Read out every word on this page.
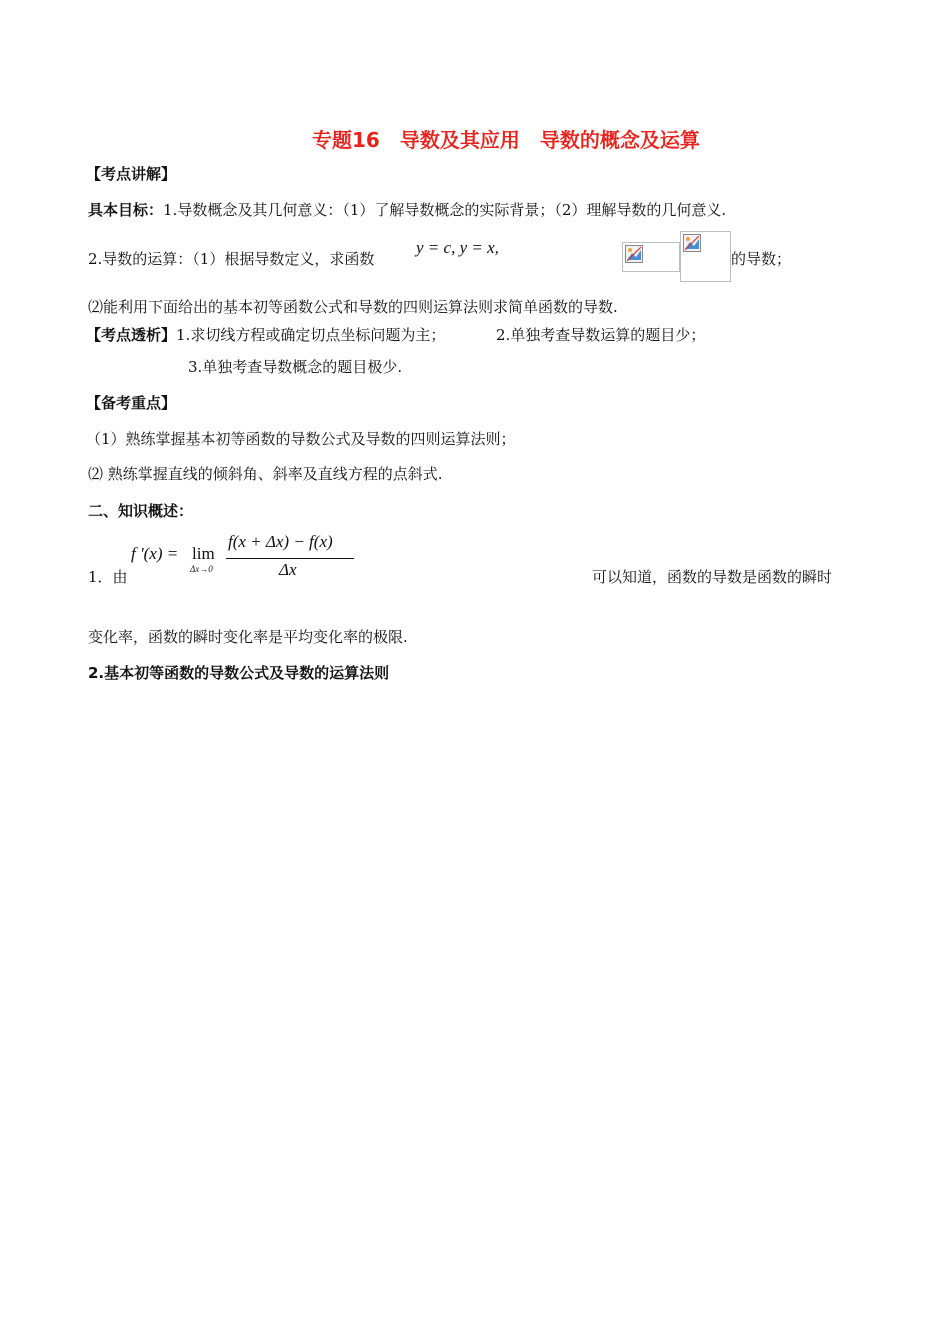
专题16　导数及其应用　导数的概念及运算
【考点讲解】
具本目标：1.导数概念及其几何意义：（1）了解导数概念的实际背景；（2）理解导数的几何意义.
2.导数的运算：（1）根据导数定义，求函数
y = c, y = x,
的导数；
⑵能利用下面给出的基本初等函数公式和导数的四则运算法则求简单函数的导数.
【考点透析】1.求切线方程或确定切点坐标问题为主；	2.单独考查导数运算的题目少；
3.单独考查导数概念的题目极少.
【备考重点】
（1）熟练掌握基本初等函数的导数公式及导数的四则运算法则；
⑵ 熟练掌握直线的倾斜角、斜率及直线方程的点斜式.
二、知识概述：
1．由
f '(x) = lim
Δx→0
f(x + Δx) − f(x)
Δx	可以知道，函数的导数是函数的瞬时
变化率，函数的瞬时变化率是平均变化率的极限.
2.基本初等函数的导数公式及导数的运算法则
